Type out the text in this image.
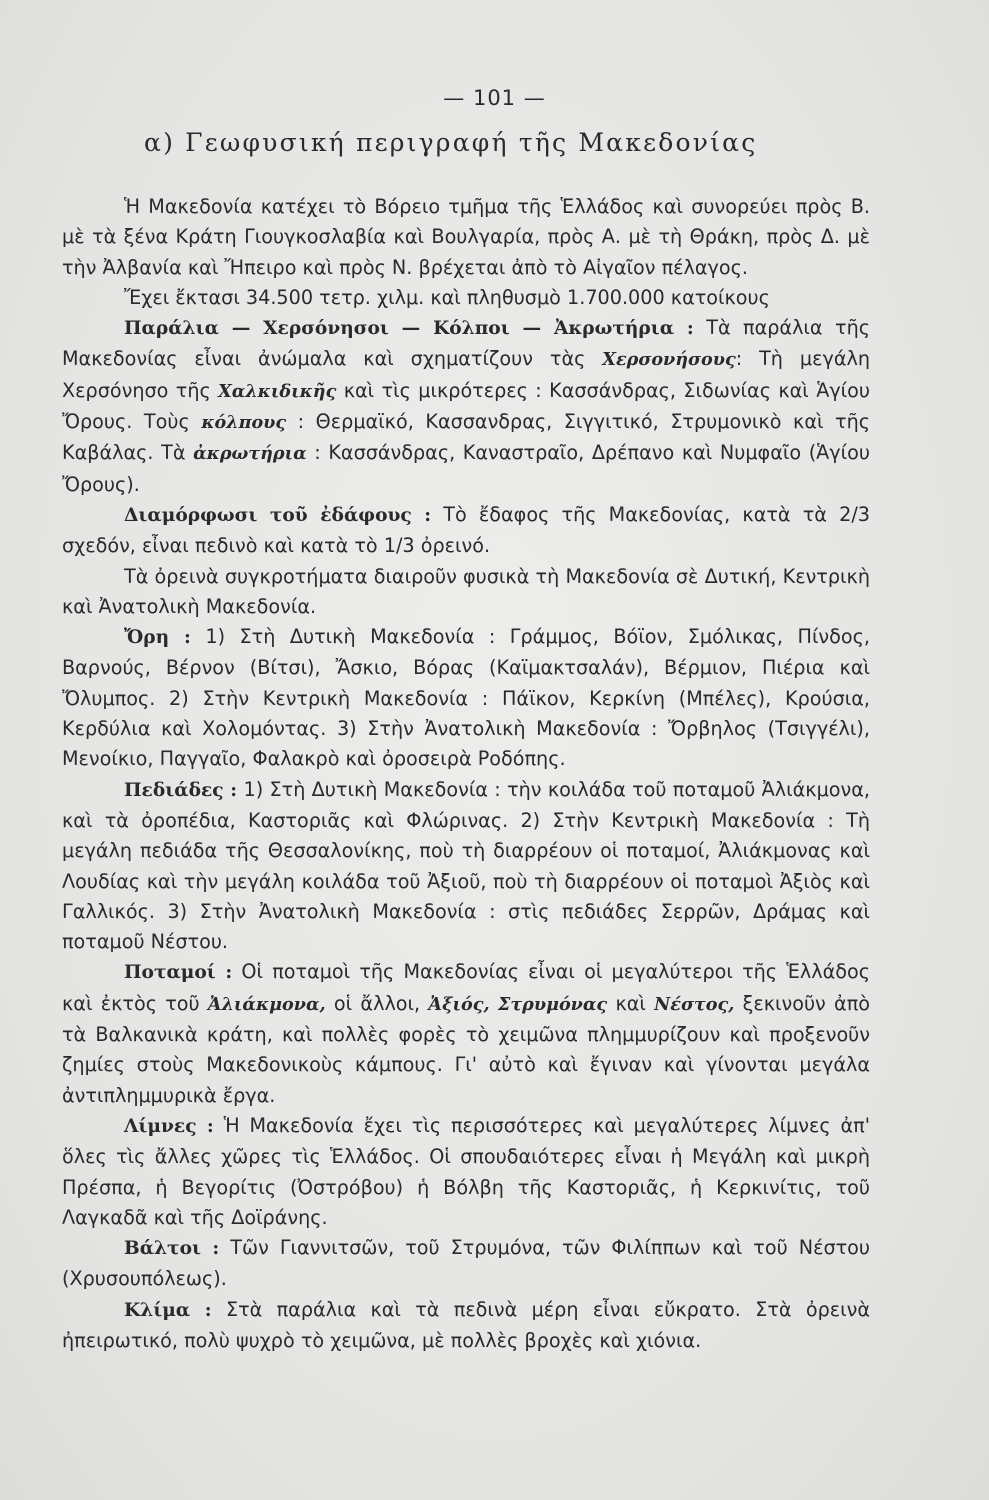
— 101 —
α) Γεωφυσική περιγραφή τῆς Μακεδονίας

Ἡ Μακεδονία κατέχει τὸ Βόρειο τμῆμα τῆς Ἑλλάδος καὶ συνορεύει πρὸς Β. μὲ τὰ ξένα Κράτη Γιουγκοσλαβία καὶ Βουλγαρία, πρὸς Α. μὲ τὴ Θράκη, πρὸς Δ. μὲ τὴν Ἀλβανία καὶ Ἤπειρο καὶ πρὸς Ν. βρέχεται ἀπὸ τὸ Αἰγαῖον πέλαγος.

Ἔχει ἔκτασι 34.500 τετρ. χιλμ. καὶ πληθυσμὸ 1.700.000 κατοίκους

Παράλια — Χερσόνησοι — Κόλποι — Ἀκρωτήρια : Τὰ παράλια τῆς Μακεδονίας εἶναι ἀνώμαλα καὶ σχηματίζουν τὰς Χερσονήσους: Τὴ μεγάλη Χερσόνησο τῆς Χαλκιδικῆς καὶ τὶς μικρότερες : Κασσάνδρας, Σιδωνίας καὶ Ἁγίου Ὄρους. Τοὺς κόλπους : Θερμαϊκό, Κασσανδρας, Σιγγιτικό, Στρυμονικὸ καὶ τῆς Καβάλας. Τὰ ἀκρωτήρια : Κασσάνδρας, Καναστραῖο, Δρέπανο καὶ Νυμφαῖο (Ἁγίου Ὄρους).

Διαμόρφωσι τοῦ ἐδάφους : Τὸ ἔδαφος τῆς Μακεδονίας, κατὰ τὰ 2/3 σχεδόν, εἶναι πεδινὸ καὶ κατὰ τὸ 1/3 ὀρεινό.

Τὰ ὀρεινὰ συγκροτήματα διαιροῦν φυσικὰ τὴ Μακεδονία σὲ Δυτική, Κεντρικὴ καὶ Ἀνατολικὴ Μακεδονία.

Ὄρη : 1) Στὴ Δυτικὴ Μακεδονία : Γράμμος, Βόϊον, Σμόλικας, Πίνδος, Βαρνούς, Βέρνον (Βίτσι), Ἄσκιο, Βόρας (Καϊμακτσαλάν), Βέρμιον, Πιέρια καὶ Ὄλυμπος. 2) Στὴν Κεντρικὴ Μακεδονία : Πάϊκον, Κερκίνη (Μπέλες), Κρούσια, Κερδύλια καὶ Χολομόντας. 3) Στὴν Ἀνατολικὴ Μακεδονία : Ὄρβηλος (Τσιγγέλι), Μενοίκιο, Παγγαῖο, Φαλακρὸ καὶ ὀροσειρὰ Ροδόπης.

Πεδιάδες : 1) Στὴ Δυτικὴ Μακεδονία : τὴν κοιλάδα τοῦ ποταμοῦ Ἀλιάκμονα, καὶ τὰ ὀροπέδια, Καστοριᾶς καὶ Φλώρινας. 2) Στὴν Κεντρικὴ Μακεδονία : Τὴ μεγάλη πεδιάδα τῆς Θεσσαλονίκης, ποὺ τὴ διαρρέουν οἱ ποταμοί, Ἀλιάκμονας καὶ Λουδίας καὶ τὴν μεγάλη κοιλάδα τοῦ Ἀξιοῦ, ποὺ τὴ διαρρέουν οἱ ποταμοὶ Ἀξιὸς καὶ Γαλλικός. 3) Στὴν Ἀνατολικὴ Μακεδονία : στὶς πεδιάδες Σερρῶν, Δράμας καὶ ποταμοῦ Νέστου.

Ποταμοί : Οἱ ποταμοὶ τῆς Μακεδονίας εἶναι οἱ μεγαλύτεροι τῆς Ἑλλάδος καὶ ἐκτὸς τοῦ Ἀλιάκμονα, οἱ ἄλλοι, Ἀξιός, Στρυμόνας καὶ Νέστος, ξεκινοῦν ἀπὸ τὰ Βαλκανικὰ κράτη, καὶ πολλὲς φορὲς τὸ χειμῶνα πλημμυρίζουν καὶ προξενοῦν ζημίες στοὺς Μακεδονικοὺς κάμπους. Γι' αὐτὸ καὶ ἔγιναν καὶ γίνονται μεγάλα ἀντιπλημμυρικὰ ἔργα.

Λίμνες : Ἡ Μακεδονία ἔχει τὶς περισσότερες καὶ μεγαλύτερες λίμνες ἀπ' ὅλες τὶς ἄλλες χῶρες τὶς Ἑλλάδος. Οἱ σπουδαιότερες εἶναι ἡ Μεγάλη καὶ μικρὴ Πρέσπα, ἡ Βεγορίτις (Ὀστρόβου) ἡ Βόλβη τῆς Καστοριᾶς, ἡ Κερκινίτις, τοῦ Λαγκαδᾶ καὶ τῆς Δοϊράνης.

Βάλτοι : Τῶν Γιαννιτσῶν, τοῦ Στρυμόνα, τῶν Φιλίππων καὶ τοῦ Νέστου (Χρυσουπόλεως).

Κλίμα : Στὰ παράλια καὶ τὰ πεδινὰ μέρη εἶναι εὔκρατο. Στὰ ὀρεινὰ ἠπειρωτικό, πολὺ ψυχρὸ τὸ χειμῶνα, μὲ πολλὲς βροχὲς καὶ χιόνια.
